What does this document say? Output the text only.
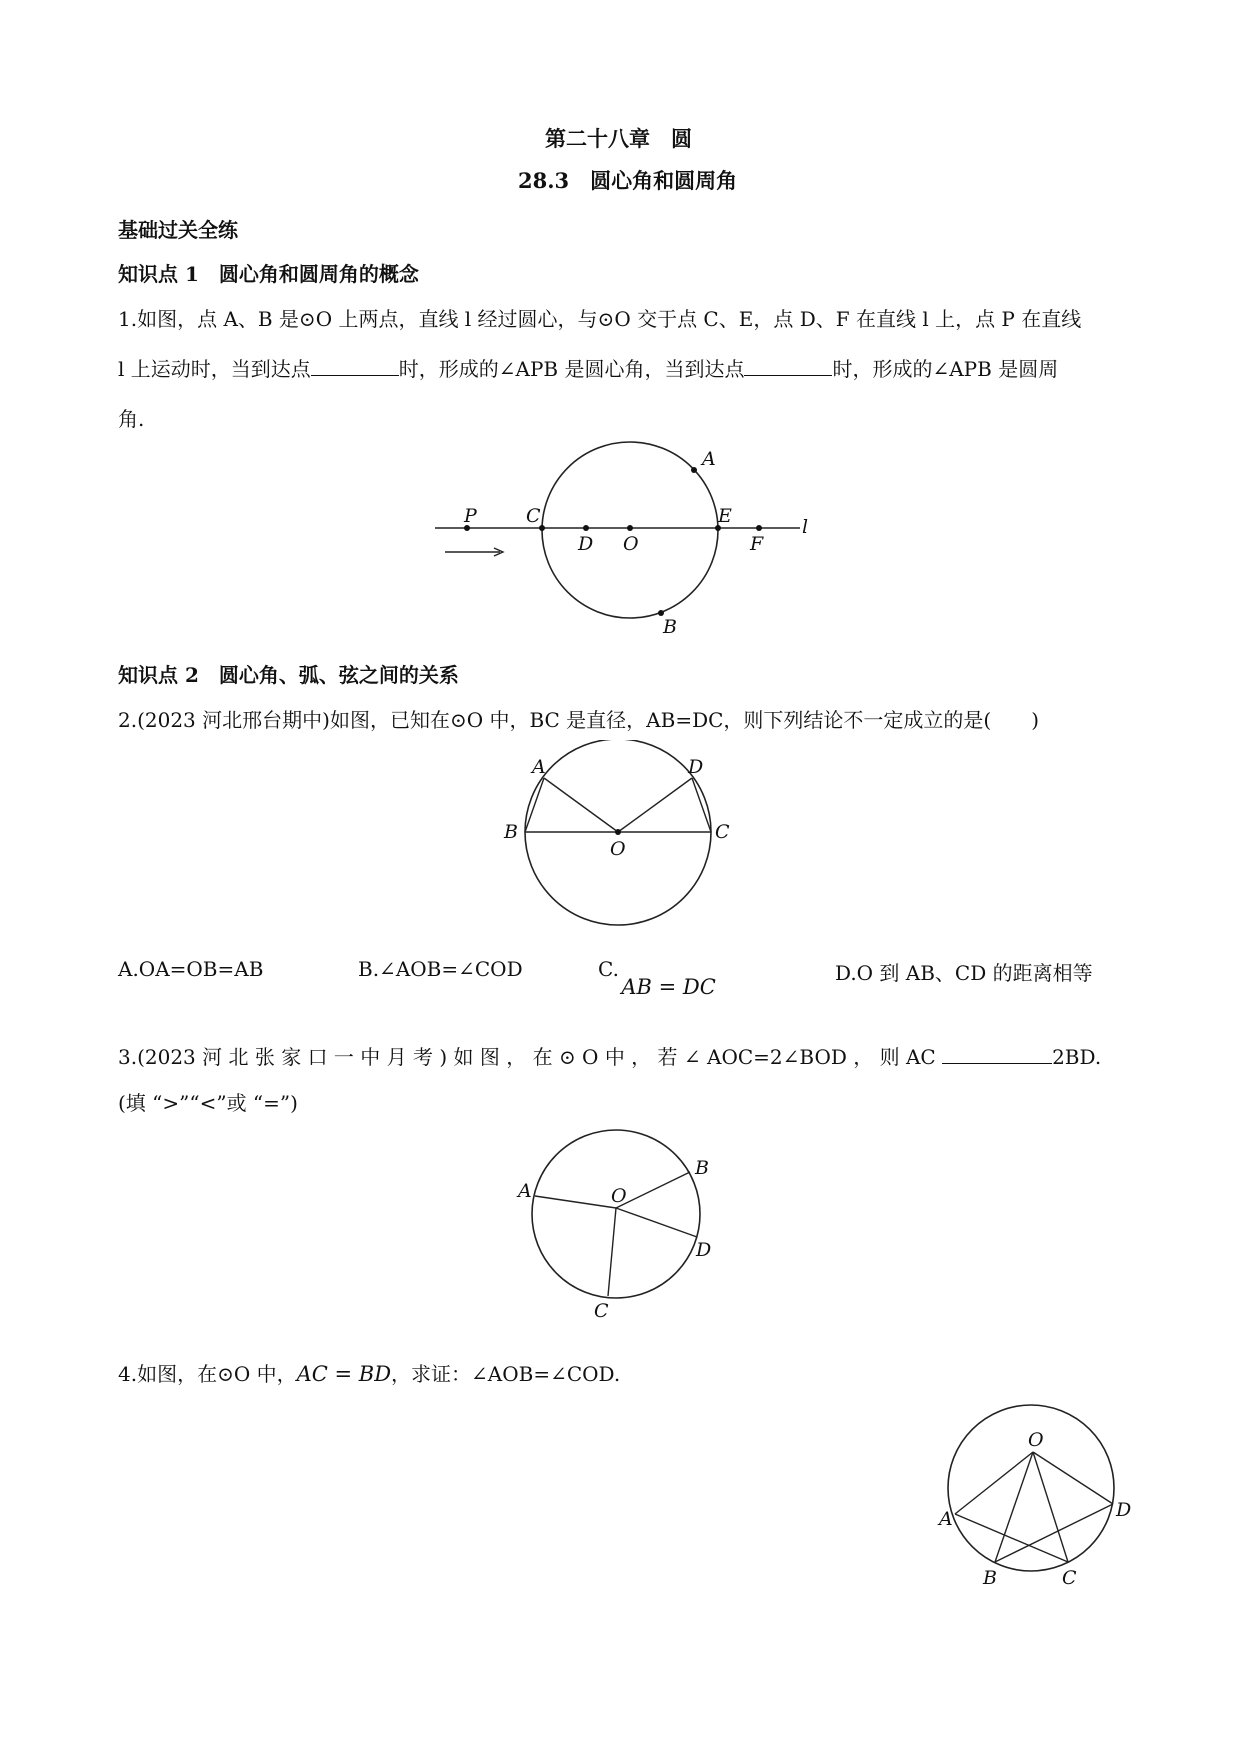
第二十八章　圆
28.3　圆心角和圆周角
基础过关全练
知识点 1　圆心角和圆周角的概念
1.如图，点 A、B 是⊙O 上两点，直线 l 经过圆心，与⊙O 交于点 C、E，点 D、F 在直线 l 上，点 P 在直线
l 上运动时，当到达点	时，形成的∠APB 是圆心角，当到达点	时，形成的∠APB 是圆周
角.
P	C
D O
E
F
l
A
B
知识点 2　圆心角、弧、弦之间的关系
2.(2023 河北邢台期中)如图，已知在⊙O 中，BC 是直径，AB=DC，则下列结论不一定成立的是(　　)
A	D
B	C
O
A.OA=OB=AB	B.∠AOB=∠COD	C. AB = DC
D.O 到 AB、CD 的距离相等
3.(2023 河 北 张 家 口 一 中 月 考 ) 如 图 ， 在 ⊙ O 中 ， 若 ∠ AOC=2∠BOD ， 则 AC	2BD.
(填 “>”“<”或 “=”)
A	O
B
D
C
4.如图，在⊙O 中，AC = BD，求证：∠AOB=∠COD.
O
A	D
B	C
